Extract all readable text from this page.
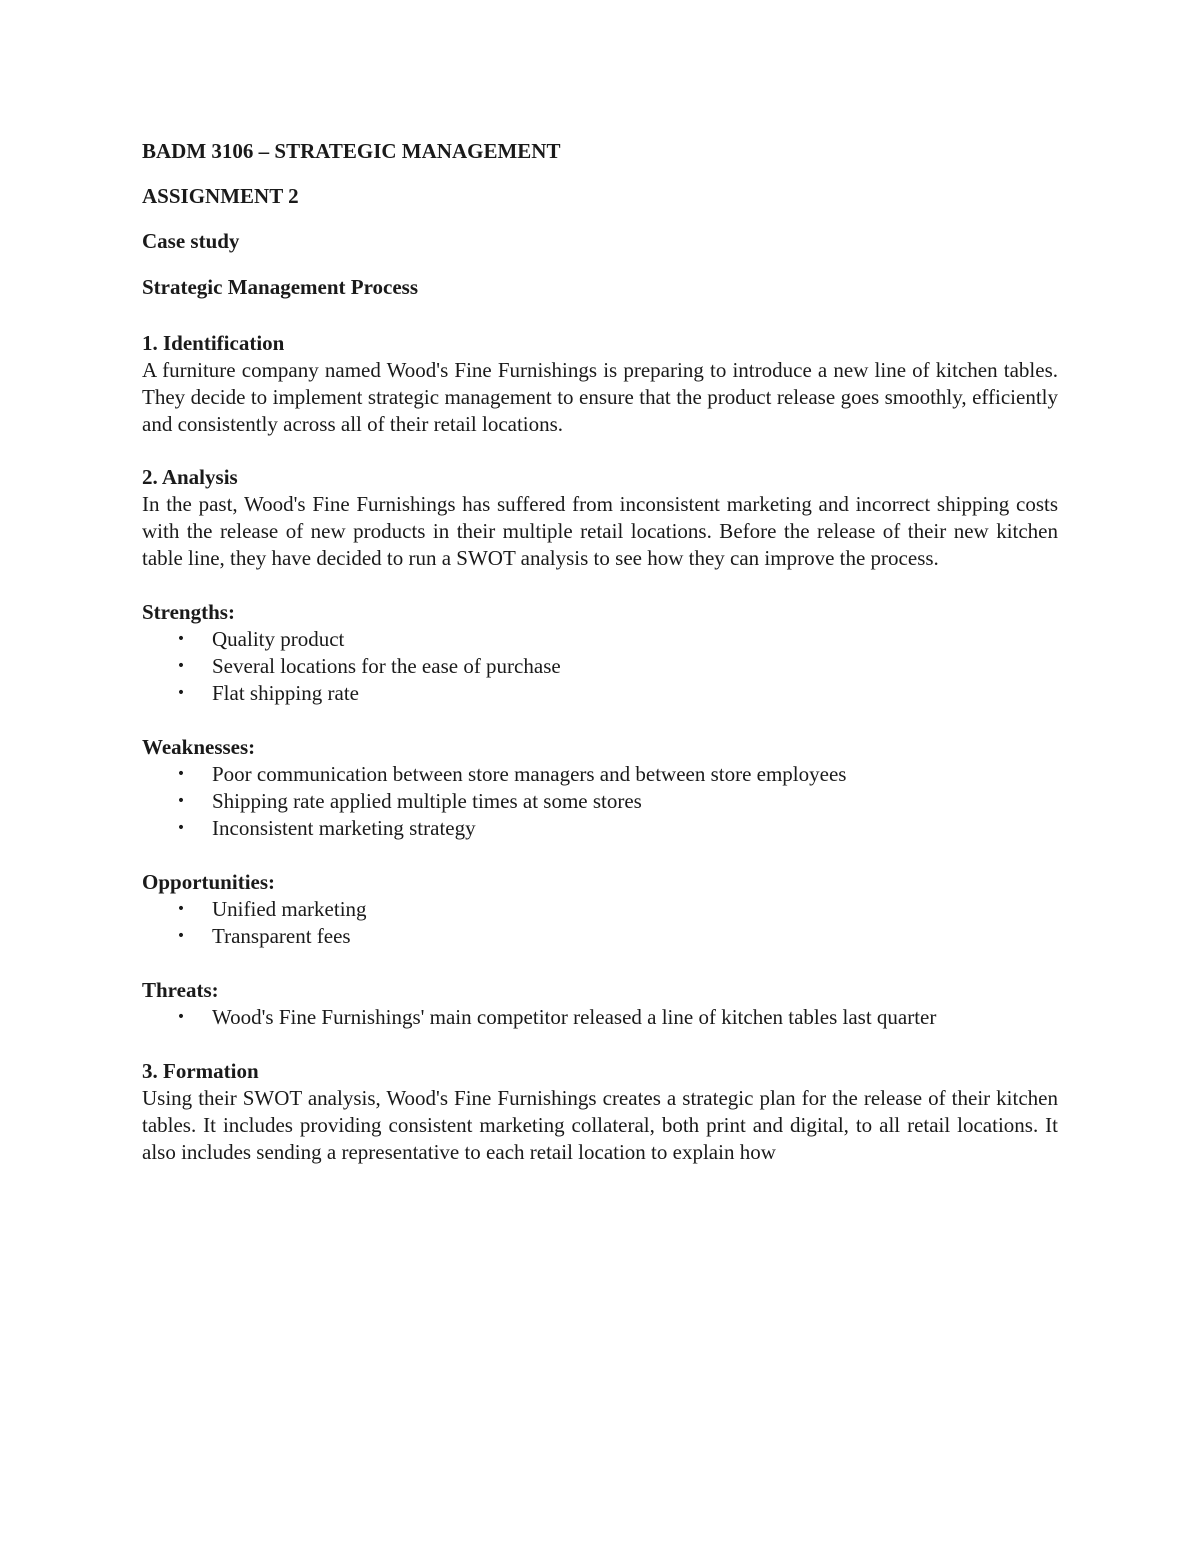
BADM 3106 – STRATEGIC MANAGEMENT

ASSIGNMENT 2

Case study

Strategic Management Process

1. Identification

A furniture company named Wood's Fine Furnishings is preparing to introduce a new line of kitchen tables. They decide to implement strategic management to ensure that the product release goes smoothly, efficiently and consistently across all of their retail locations.

2. Analysis

In the past, Wood's Fine Furnishings has suffered from inconsistent marketing and incorrect shipping costs with the release of new products in their multiple retail locations. Before the release of their new kitchen table line, they have decided to run a SWOT analysis to see how they can improve the process.

Strengths:

• Quality product
• Several locations for the ease of purchase
• Flat shipping rate

Weaknesses:

• Poor communication between store managers and between store employees
• Shipping rate applied multiple times at some stores
• Inconsistent marketing strategy

Opportunities:

• Unified marketing
• Transparent fees

Threats:

• Wood's Fine Furnishings' main competitor released a line of kitchen tables last quarter

3. Formation

Using their SWOT analysis, Wood's Fine Furnishings creates a strategic plan for the release of their kitchen tables. It includes providing consistent marketing collateral, both print and digital, to all retail locations. It also includes sending a representative to each retail location to explain how
